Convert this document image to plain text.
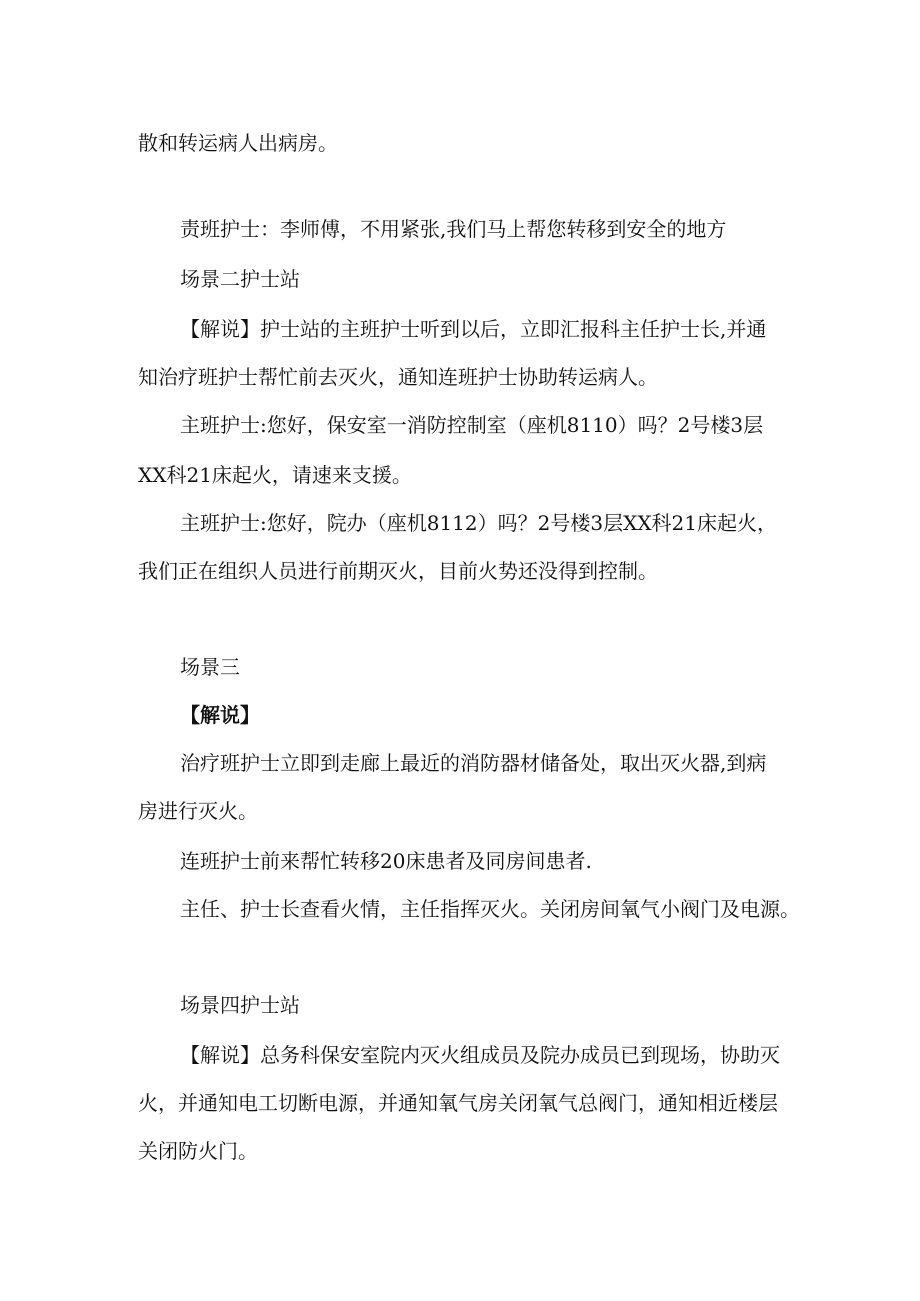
散和转运病人出病房。
责班护士：李师傅，不用紧张,我们马上帮您转移到安全的地方
场景二护士站
【解说】护士站的主班护士听到以后，立即汇报科主任护士长,并通
知治疗班护士帮忙前去灭火，通知连班护士协助转运病人。
主班护士:您好，保安室一消防控制室（座机8110）吗？2号楼3层
XX科21床起火，请速来支援。
主班护士:您好，院办（座机8112）吗？2号楼3层XX科21床起火，
我们正在组织人员进行前期灭火，目前火势还没得到控制。
场景三
【解说】
治疗班护士立即到走廊上最近的消防器材储备处，取出灭火器,到病
房进行灭火。
连班护士前来帮忙转移20床患者及同房间患者.
主任、护士长查看火情，主任指挥灭火。关闭房间氧气小阀门及电源。
场景四护士站
【解说】总务科保安室院内灭火组成员及院办成员已到现场，协助灭
火，并通知电工切断电源，并通知氧气房关闭氧气总阀门，通知相近楼层
关闭防火门。
